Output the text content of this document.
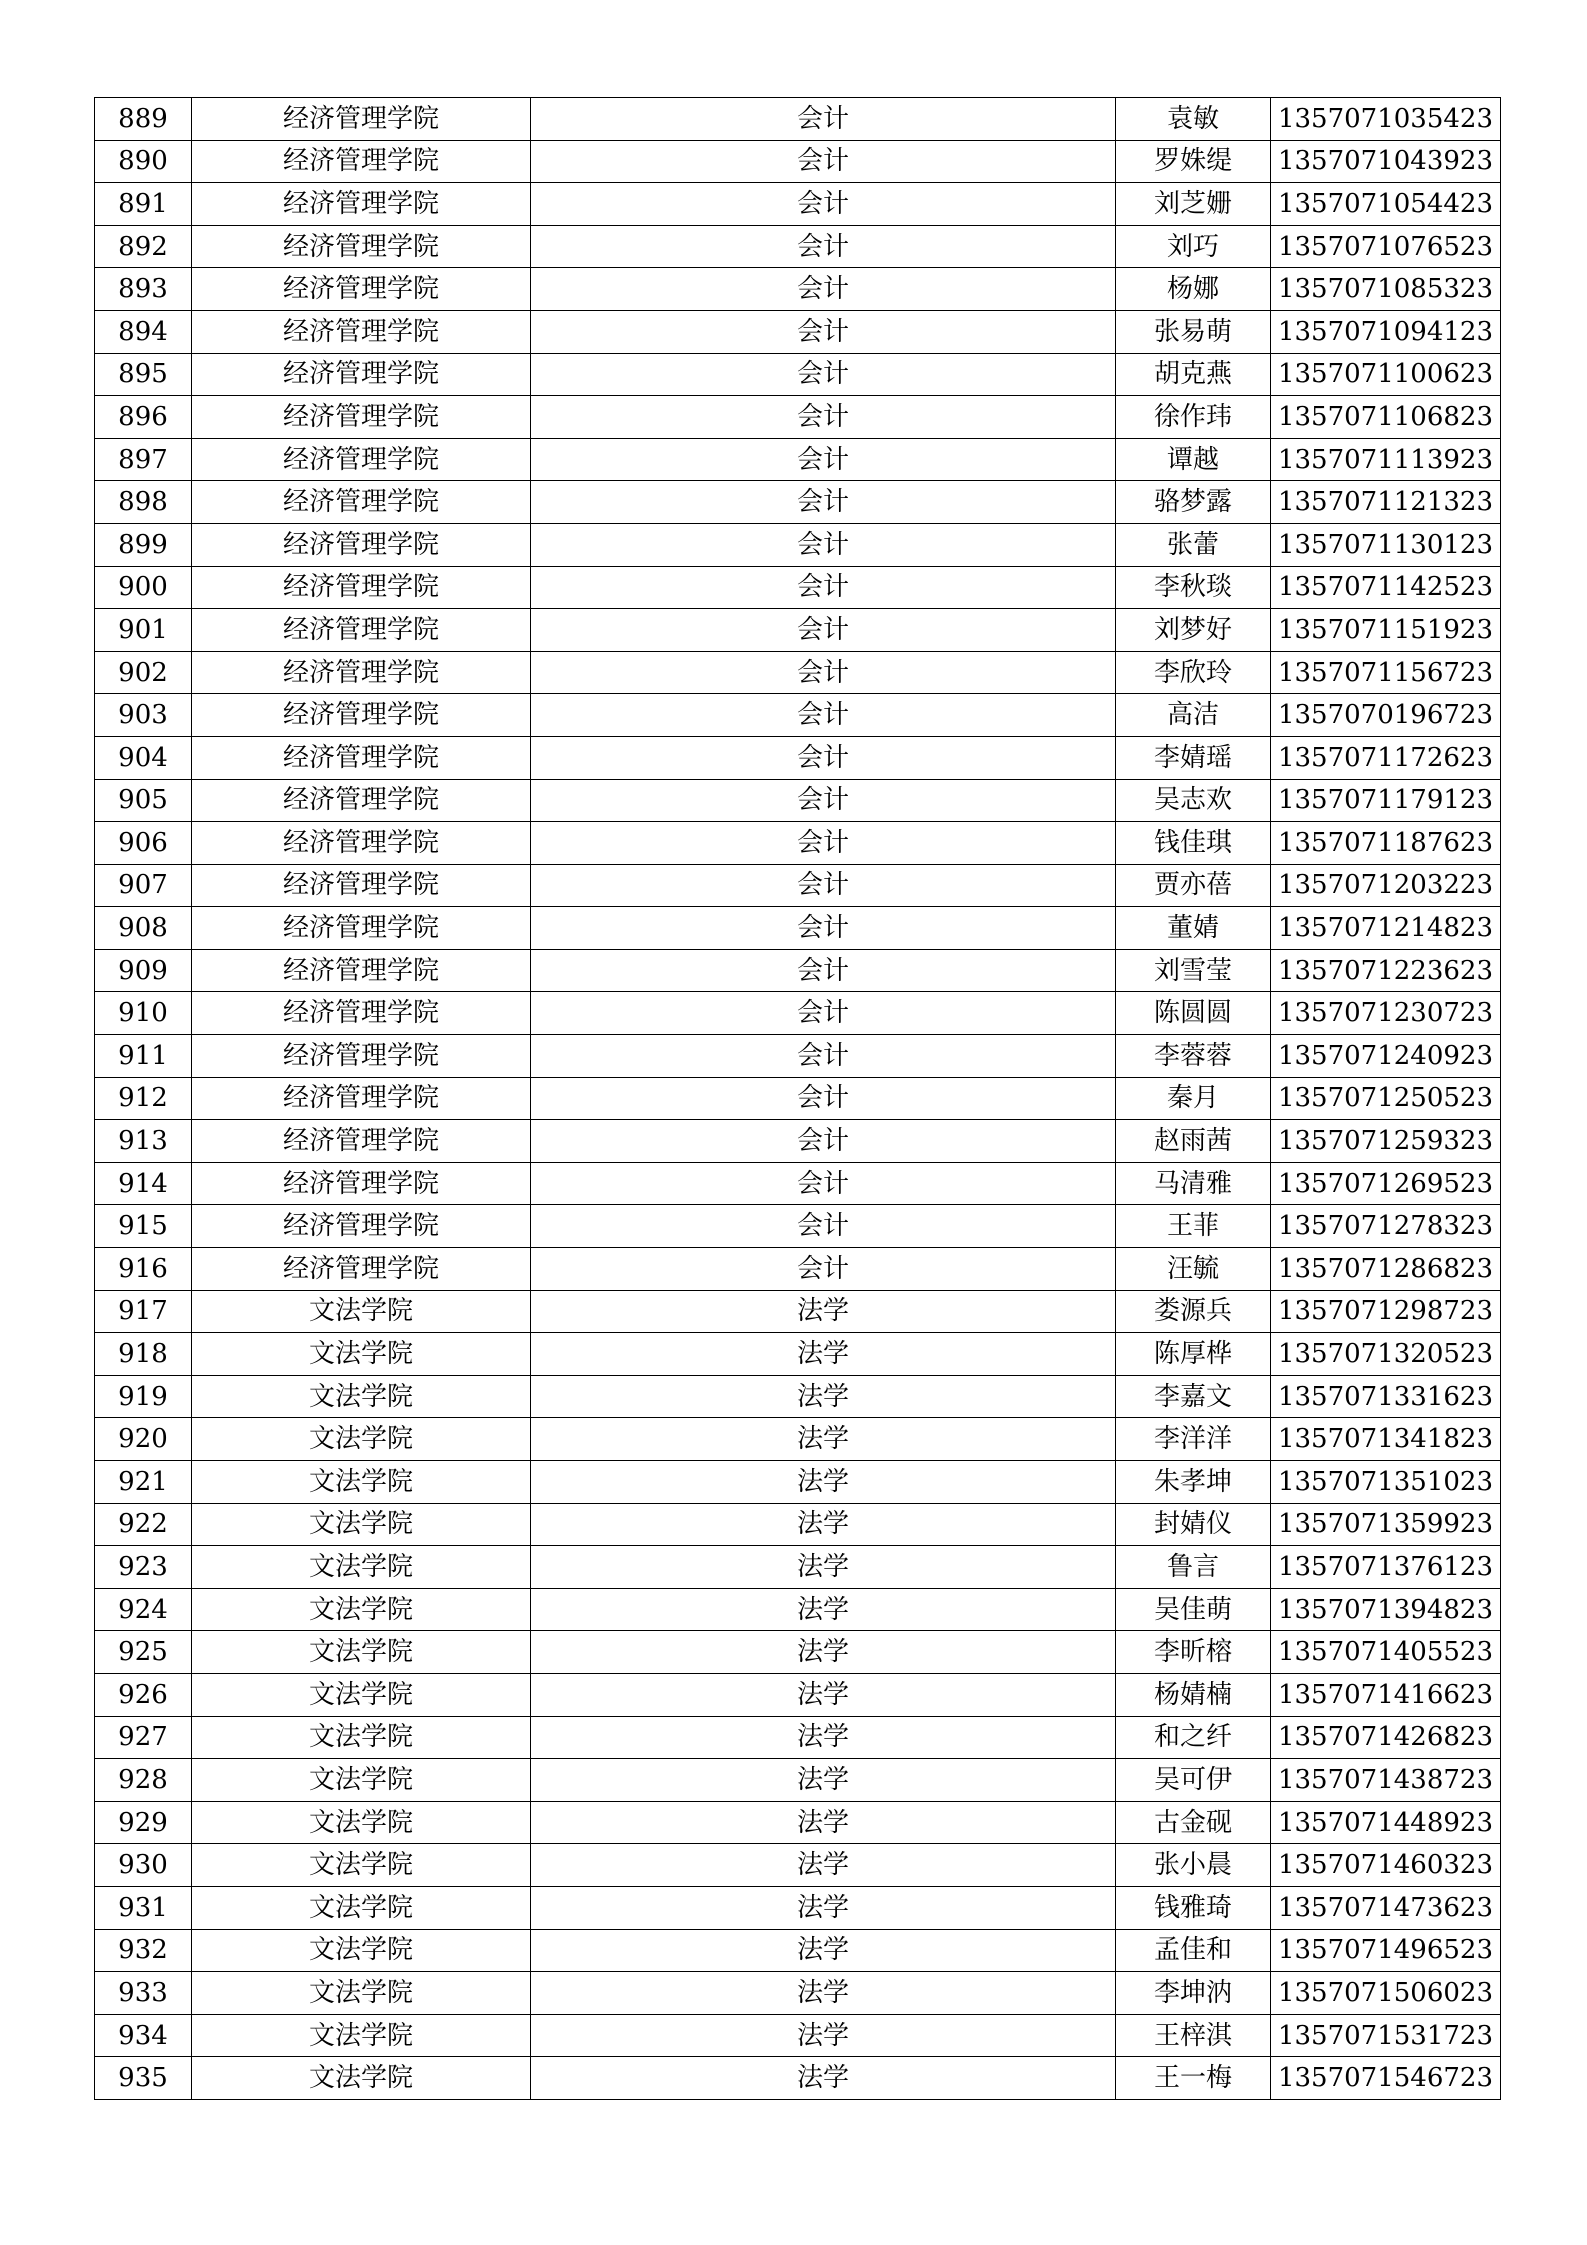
889	经济管理学院	会计	袁敏	1357071035423
890	经济管理学院	会计	罗姝缇	1357071043923
891	经济管理学院	会计	刘芝姗	1357071054423
892	经济管理学院	会计	刘巧	1357071076523
893	经济管理学院	会计	杨娜	1357071085323
894	经济管理学院	会计	张易萌	1357071094123
895	经济管理学院	会计	胡克燕	1357071100623
896	经济管理学院	会计	徐作玮	1357071106823
897	经济管理学院	会计	谭越	1357071113923
898	经济管理学院	会计	骆梦露	1357071121323
899	经济管理学院	会计	张蕾	1357071130123
900	经济管理学院	会计	李秋琰	1357071142523
901	经济管理学院	会计	刘梦好	1357071151923
902	经济管理学院	会计	李欣玲	1357071156723
903	经济管理学院	会计	高洁	1357070196723
904	经济管理学院	会计	李婧瑶	1357071172623
905	经济管理学院	会计	吴志欢	1357071179123
906	经济管理学院	会计	钱佳琪	1357071187623
907	经济管理学院	会计	贾亦蓓	1357071203223
908	经济管理学院	会计	董婧	1357071214823
909	经济管理学院	会计	刘雪莹	1357071223623
910	经济管理学院	会计	陈圆圆	1357071230723
911	经济管理学院	会计	李蓉蓉	1357071240923
912	经济管理学院	会计	秦月	1357071250523
913	经济管理学院	会计	赵雨茜	1357071259323
914	经济管理学院	会计	马清雅	1357071269523
915	经济管理学院	会计	王菲	1357071278323
916	经济管理学院	会计	汪毓	1357071286823
917	文法学院	法学	娄源兵	1357071298723
918	文法学院	法学	陈厚桦	1357071320523
919	文法学院	法学	李嘉文	1357071331623
920	文法学院	法学	李洋洋	1357071341823
921	文法学院	法学	朱孝坤	1357071351023
922	文法学院	法学	封婧仪	1357071359923
923	文法学院	法学	鲁言	1357071376123
924	文法学院	法学	吴佳萌	1357071394823
925	文法学院	法学	李昕榕	1357071405523
926	文法学院	法学	杨婧楠	1357071416623
927	文法学院	法学	和之纤	1357071426823
928	文法学院	法学	吴可伊	1357071438723
929	文法学院	法学	古金砚	1357071448923
930	文法学院	法学	张小晨	1357071460323
931	文法学院	法学	钱雅琦	1357071473623
932	文法学院	法学	孟佳和	1357071496523
933	文法学院	法学	李坤汭	1357071506023
934	文法学院	法学	王梓淇	1357071531723
935	文法学院	法学	王一梅	1357071546723
